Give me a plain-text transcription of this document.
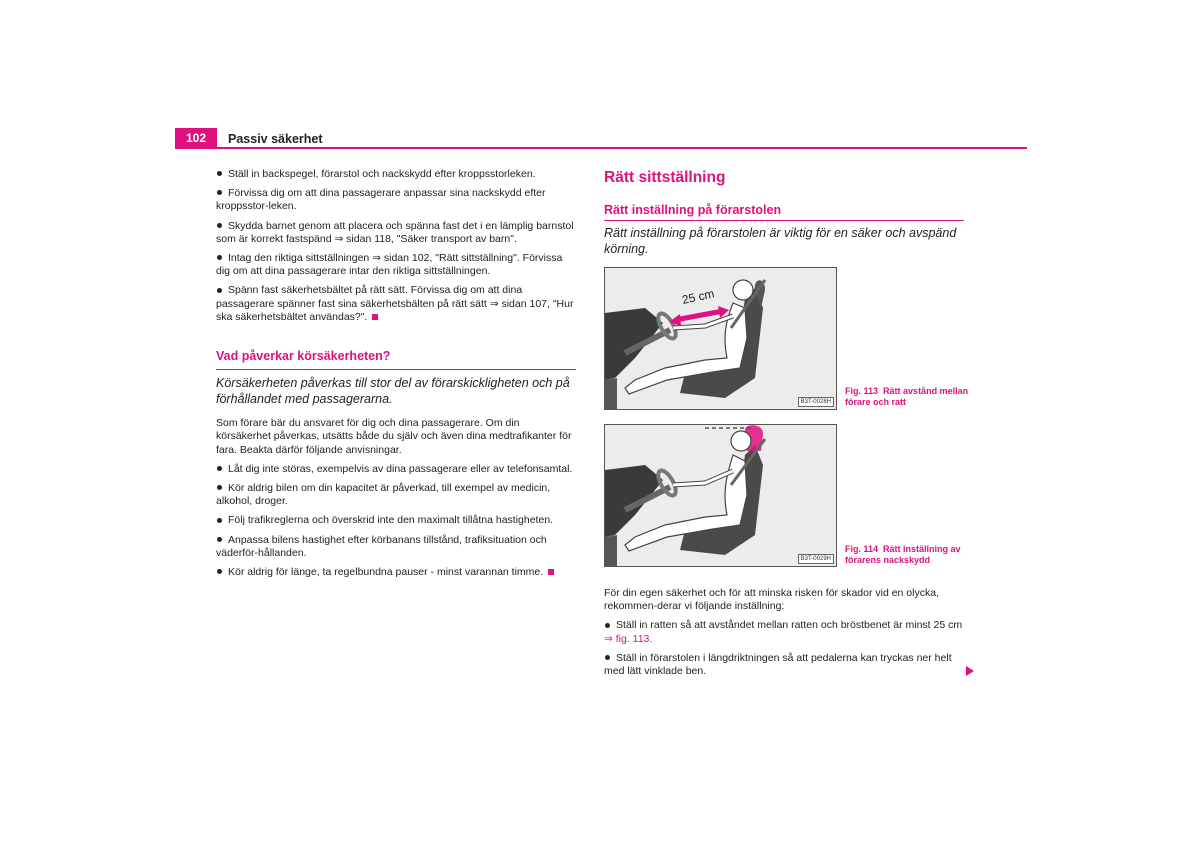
102	Passiv säkerhet

Ställ in backspegel, förarstol och nackskydd efter kroppsstorleken.

Förvissa dig om att dina passagerare anpassar sina nackskydd efter kroppsstor-leken.

Skydda barnet genom att placera och spänna fast det i en lämplig barnstol som är korrekt fastspänd ⇒ sidan 118, "Säker transport av barn".

Intag den riktiga sittställningen ⇒ sidan 102, "Rätt sittställning". Förvissa dig om att dina passagerare intar den riktiga sittställningen.

Spänn fast säkerhetsbältet på rätt sätt. Förvissa dig om att dina passagerare spänner fast sina säkerhetsbälten på rätt sätt ⇒ sidan 107, "Hur ska säkerhetsbältet användas?".

Vad påverkar körsäkerheten?

Körsäkerheten påverkas till stor del av förarskickligheten och på förhållandet med passagerarna.

Som förare bär du ansvaret för dig och dina passagerare. Om din körsäkerhet påverkas, utsätts både du själv och även dina medtrafikanter för fara. Beakta därför följande anvisningar.

Låt dig inte störas, exempelvis av dina passagerare eller av telefonsamtal.

Kör aldrig bilen om din kapacitet är påverkad, till exempel av medicin, alkohol, droger.

Följ trafikreglerna och överskrid inte den maximalt tillåtna hastigheten.

Anpassa bilens hastighet efter körbanans tillstånd, trafiksituation och väderför-hållanden.

Kör aldrig för länge, ta regelbundna pauser - minst varannan timme.

Rätt sittställning

Rätt inställning på förarstolen

Rätt inställning på förarstolen är viktig för en säker och avspänd körning.
25 cm
B3T-0028H
Fig. 113 Rätt avstånd mellan förare och ratt
B3T-0029H
Fig. 114 Rätt inställning av förarens nackskydd

För din egen säkerhet och för att minska risken för skador vid en olycka, rekommen-derar vi följande inställning:

Ställ in ratten så att avståndet mellan ratten och bröstbenet är minst 25 cm
⇒ fig. 113.

Ställ in förarstolen i längdriktningen så att pedalerna kan tryckas ner helt med lätt vinklade ben.
